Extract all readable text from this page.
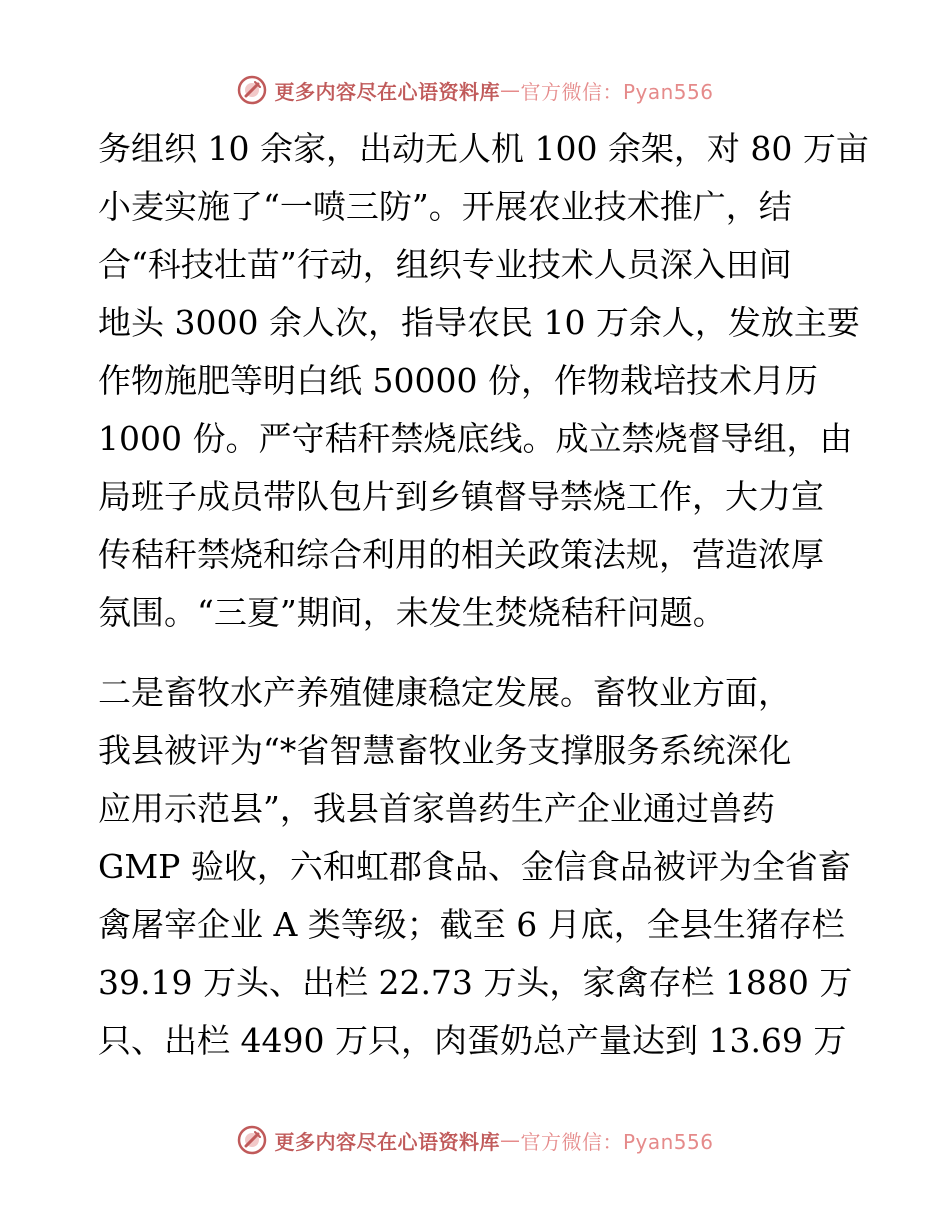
更多内容尽在心语资料库 — 官方微信：Pyan556
务组织 10 余家，出动无人机 100 余架，对 80 万亩
小麦实施了“一喷三防”。开展农业技术推广，结
合“科技壮苗”行动，组织专业技术人员深入田间
地头 3000 余人次，指导农民 10 万余人，发放主要
作物施肥等明白纸 50000 份，作物栽培技术月历
1000 份。严守秸秆禁烧底线。成立禁烧督导组，由
局班子成员带队包片到乡镇督导禁烧工作，大力宣
传秸秆禁烧和综合利用的相关政策法规，营造浓厚
氛围。“三夏”期间，未发生焚烧秸秆问题。
二是畜牧水产养殖健康稳定发展。畜牧业方面，
我县被评为“*省智慧畜牧业务支撑服务系统深化
应用示范县”，我县首家兽药生产企业通过兽药
GMP 验收，六和虹郡食品、金信食品被评为全省畜
禽屠宰企业 A 类等级；截至 6 月底，全县生猪存栏
39.19 万头、出栏 22.73 万头，家禽存栏 1880 万
只、出栏 4490 万只，肉蛋奶总产量达到 13.69 万
更多内容尽在心语资料库 — 官方微信：Pyan556
